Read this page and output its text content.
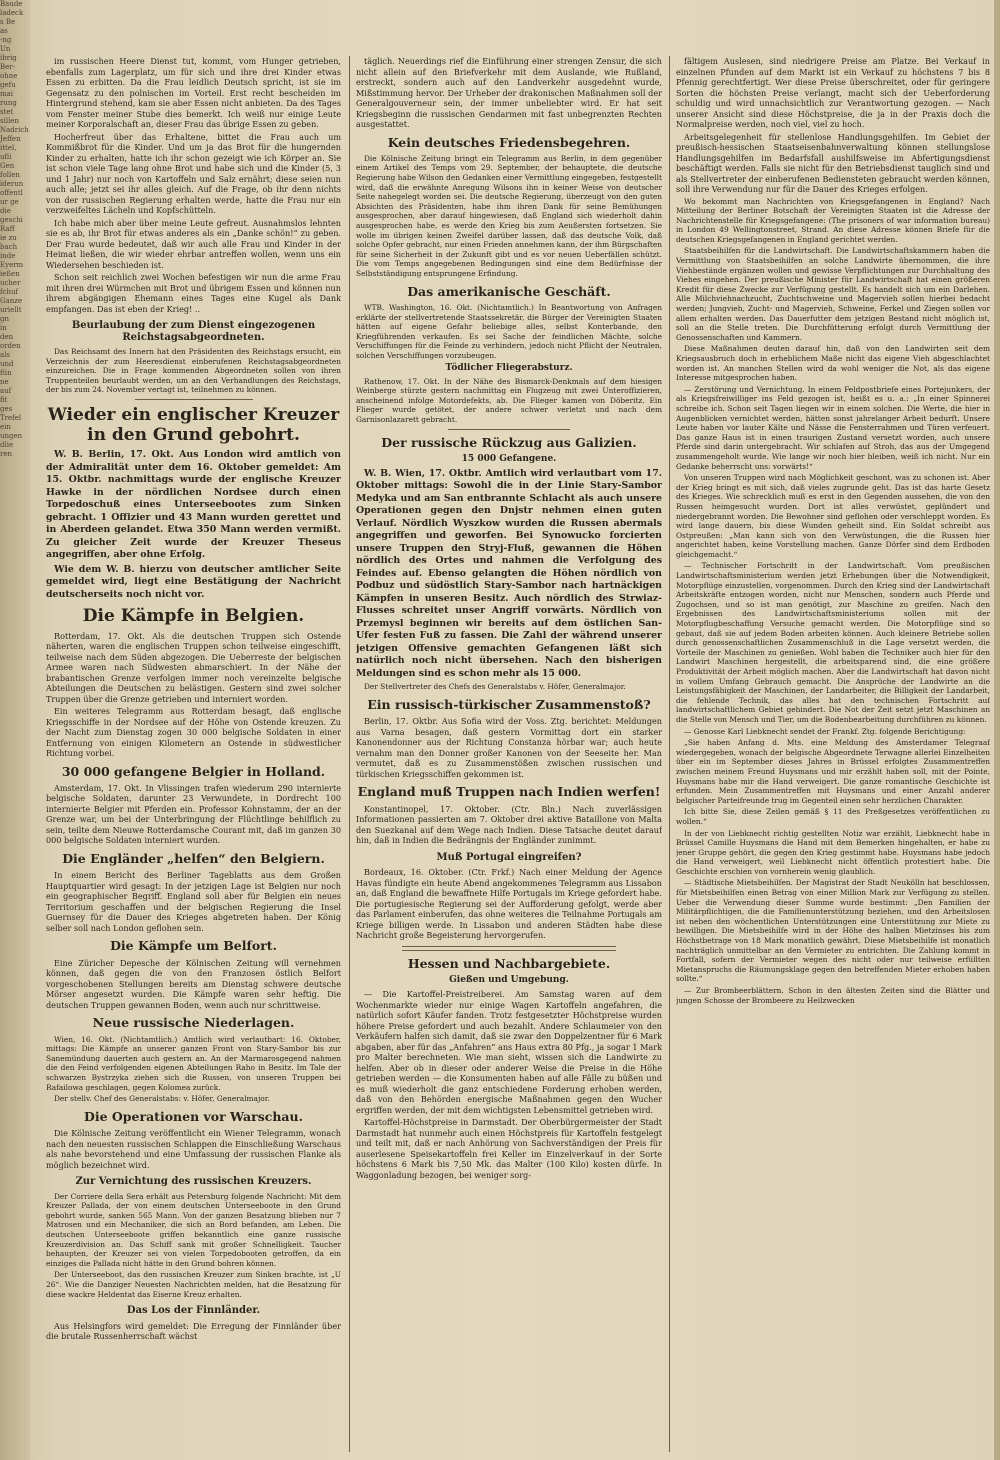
Baude
ladeck
s Be
as
-ng
Un
ibrig
Ber-
ohne
gefu
mai
rung
stet
sillen
Nadrich
Jeffen
ittel,
ufli
Gen
follen
iderun
offentl
ur ge
die
geschi
Raff
ie zu
bach
inde
Eyerm
ießen
ucher
fchuf
Ganze
uriellt
gn
in
den
orden
als
und
fün
ne
auf
fit
ges
Trefel
ein
ungen
dlie
ren

im russischen Heere Dienst tut, kommt, vom Hunger getrieben, ebenfalls zum Lagerplatz, um für sich und ihre drei Kinder etwas Essen zu erbitten. Da die Frau leidlich Deutsch spricht, ist sie im Gegensatz zu den polnischen im Vorteil. Erst recht bescheiden im Hintergrund stehend, kam sie aber Essen nicht anbieten. Da des Tages vom Fenster meiner Stube dies bemerkt. Ich weiß nur einige Leute meiner Korporalschaft an, dieser Frau das übrige Essen zu geben.

Hocherfreut über das Erhaltene, bittet die Frau auch um Kommißbrot für die Kinder. Und um ja das Brot für die hungernden Kinder zu erhalten, hatte ich ihr schon gezeigt wie ich Körper an. Sie ist schon viele Tage lang ohne Brot und habe sich und die Kinder (5, 3 und 1 Jahr) nur noch von Kartoffeln und Salz ernährt; diese seien nun auch alle; jetzt sei ihr alles gleich. Auf die Frage, ob ihr denn nichts von der russischen Regierung erhalten werde, hatte die Frau nur ein verzweifeltes Lächeln und Kopfschütteln.

Ich habe mich aber über meine Leute gefreut. Ausnahmslos lehnten sie es ab, ihr Brot für etwas anderes als ein „Danke schön!“ zu geben. Der Frau wurde bedeutet, daß wir auch alle Frau und Kinder in der Heimat ließen, die wir wieder ehrbar antreffen wollen, wenn uns ein Wiedersehen beschieden ist.

Schon seit reichlich zwei Wochen befestigen wir nun die arme Frau mit ihren drei Würmchen mit Brot und übrigem Essen und können nun ihrem abgängigen Ehemann eines Tages eine Kugel als Dank empfangen. Das ist eben der Krieg! ..

Beurlaubung der zum Dienst eingezogenen Reichstagsabgeordneten.

Das Reichsamt des Innern hat den Präsidenten des Reichstags ersucht, ein Verzeichnis der zum Heeresdienst einberufenen Reichstagsabgeordneten einzureichen. Die in Frage kommenden Abgeordneten sollen von ihren Truppenteilen beurlaubt werden, um an den Verhandlungen des Reichstags, der bis zum 24. November vertagt ist, teilnehmen zu können.

Wieder ein englischer Kreuzer in den Grund gebohrt.

W. B. Berlin, 17. Okt. Aus London wird amtlich von der Admiralität unter dem 16. Oktober gemeldet: Am 15. Oktbr. nachmittags wurde der englische Kreuzer Hawke in der nördlichen Nordsee durch einen Torpedoschuß eines Unterseebootes zum Sinken gebracht. 1 Offizier und 43 Mann wurden gerettet und in Aberdeen gelandet. Etwa 350 Mann werden vermißt. Zu gleicher Zeit wurde der Kreuzer Theseus angegriffen, aber ohne Erfolg.

Wie dem W. B. hierzu von deutscher amtlicher Seite gemeldet wird, liegt eine Bestätigung der Nachricht deutscherseits noch nicht vor.

Die Kämpfe in Belgien.

Rotterdam, 17. Okt. Als die deutschen Truppen sich Ostende näherten, waren die englischen Truppen schon teilweise eingeschifft, teilweise nach dem Süden abgezogen. Die Ueberreste der belgischen Armee waren nach Südwesten abmarschiert. In der Nähe der brabantischen Grenze verfolgen immer noch vereinzelte belgische Abteilungen die Deutschen zu belästigen. Gestern sind zwei solcher Truppen über die Grenze getrieben und interniert worden.

Ein weiteres Telegramm aus Rotterdam besagt, daß englische Kriegsschiffe in der Nordsee auf der Höhe von Ostende kreuzen. Zu der Nacht zum Dienstag zogen 30 000 belgische Soldaten in einer Entfernung von einigen Kilometern an Ostende in südwestlicher Richtung vorbei.

30 000 gefangene Belgier in Holland.

Amsterdam, 17. Okt. In Vlissingen trafen wiederum 290 internierte belgische Soldaten, darunter 23 Verwundete, in Dordrecht 100 internierte Belgier mit Pferden ein. Professor Kohnstamm, der an der Grenze war, um bei der Unterbringung der Flüchtlinge behilflich zu sein, teilte dem Nieuwe Rotterdamsche Courant mit, daß im ganzen 30 000 belgische Soldaten interniert wurden.

Die Engländer „helfen“ den Belgiern.

In einem Bericht des Berliner Tageblatts aus dem Großen Hauptquartier wird gesagt: In der jetzigen Lage ist Belgien nur noch ein geographischer Begriff. England soll aber für Belgien ein neues Territorium geschaffen und der belgischen Regierung die Insel Guernsey für die Dauer des Krieges abgetreten haben. Der König selber soll nach London geflohen sein.

Die Kämpfe um Belfort.

Eine Züricher Depesche der Kölnischen Zeitung will vernehmen können, daß gegen die von den Franzosen östlich Belfort vorgeschobenen Stellungen bereits am Dienstag schwere deutsche Mörser angesetzt wurden. Die Kämpfe waren sehr heftig. Die deutschen Truppen gewannen Boden, wenn auch nur schrittweise.

Neue russische Niederlagen.

Wien, 16. Okt. (Nichtamtlich.) Amtlich wird verlautbart: 16. Oktober, mittags: Die Kämpfe an unserer ganzen Front von Stary-Sambor bis zur Sanemündung dauerten auch gestern an. An der Marmarosgegend nahmen die den Feind verfolgenden eigenen Abteilungen Raho in Besitz. Im Tale der schwarzen Bystrzyka ziehen sich die Russen, von unseren Truppen bei Rafailowa geschlagen, gegen Kolomea zurück.

Der stellv. Chef des Generalstabs: v. Höfer, Generalmajor.

Die Operationen vor Warschau.

Die Kölnische Zeitung veröffentlicht ein Wiener Telegramm, wonach nach den neuesten russischen Schlappen die Einschließung Warschaus als nahe bevorstehend und eine Umfassung der russischen Flanke als möglich bezeichnet wird.

Zur Vernichtung des russischen Kreuzers.

Der Corriere della Sera erhält aus Petersburg folgende Nachricht: Mit dem Kreuzer Pallada, der von einem deutschen Unterseeboote in den Grund gebohrt wurde, sanken 565 Mann. Von der ganzen Besatzung blieben nur 7 Matrosen und ein Mechaniker, die sich an Bord befanden, am Leben. Die deutschen Unterseeboote griffen bekanntlich eine ganze russische Kreuzerdivision an. Das Schiff sank mit großer Schnelligkeit. Taucher behaupten, der Kreuzer sei von vielen Torpedobooten getroffen, da ein einziges die Pallada nicht hätte in den Grund bohren können.

Der Unterseeboot, das den russischen Kreuzer zum Sinken brachte, ist „U 26“. Wie die Danziger Neuesten Nachrichten melden, hat die Besatzung für diese wackre Heldentat das Eiserne Kreuz erhalten.

Das Los der Finnländer.

Aus Helsingfors wird gemeldet: Die Erregung der Finnländer über die brutale Russenherrschaft wächst

täglich. Neuerdings rief die Einführung einer strengen Zensur, die sich nicht allein auf den Briefverkehr mit dem Auslande, wie Rußland, erstreckt, sondern auch auf den Landverkehr ausgedehnt wurde, Mißstimmung hervor. Der Urheber der drakonischen Maßnahmen soll der Generalgouverneur sein, der immer unbeliebter wird. Er hat seit Kriegsbeginn die russischen Gendarmen mit fast unbegrenzten Rechten ausgestattet.

Kein deutsches Friedensbegehren.

Die Kölnische Zeitung bringt ein Telegramm aus Berlin, in dem gegenüber einem Artikel des Temps vom 29. September, der behauptete, die deutsche Regierung habe Wilson den Gedanken einer Vermittlung eingegeben, festgestellt wird, daß die erwähnte Anregung Wilsons ihn in keiner Weise von deutscher Seite nahegelegt worden sei. Die deutsche Regierung, überzeugt von den guten Absichten des Präsidenten, habe ihm ihren Dank für seine Bemühungen ausgesprochen, aber darauf hingewiesen, daß England sich wiederholt dahin ausgesprochen habe, es werde den Krieg bis zum Aeußersten fortsetzen. Sie wolle im übrigen keinen Zweifel darüber lassen, daß das deutsche Volk, daß solche Opfer gebracht, nur einen Frieden annehmen kann, der ihm Bürgschaften für seine Sicherheit in der Zukunft gibt und es vor neuen Ueberfällen schützt. Die vom Temps angegebenen Bedingungen sind eine dem Bedürfnisse der Selbstständigung entsprungene Erfindung.

Das amerikanische Geschäft.

WTB. Washington, 16. Okt. (Nichtamtlich.) In Beantwortung von Anfragen erklärte der stellvertretende Staatssekretär, die Bürger der Vereinigten Staaten hätten auf eigene Gefahr beliebige alles, selbst Konterbande, den Kriegführenden verkaufen. Es sei Sache der feindlichen Mächte, solche Verschiffungen für die Feinde zu verhindern, jedoch nicht Pflicht der Neutralen, solchen Verschiffungen vorzubeugen.

Tödlicher Fliegerabsturz.

Rathenow, 17. Okt. In der Nähe des Bismarck-Denkmals auf dem hiesigen Weinberge stürzte gestern nachmittag ein Flugzeug mit zwei Unteroffizieren, anscheinend infolge Motordefekts, ab. Die Flieger kamen von Döberitz. Ein Flieger wurde getötet, der andere schwer verletzt und nach dem Garnisonlazarett gebracht.

Der russische Rückzug aus Galizien.
15 000 Gefangene.

W. B. Wien, 17. Oktbr. Amtlich wird verlautbart vom 17. Oktober mittags: Sowohl die in der Linie Stary-Sambor Medyka und am San entbrannte Schlacht als auch unsere Operationen gegen den Dnjstr nehmen einen guten Verlauf. Nördlich Wyszkow wurden die Russen abermals angegriffen und geworfen. Bei Synowucko forcierten unsere Truppen den Stryj-Fluß, gewannen die Höhen nördlich des Ortes und nahmen die Verfolgung des Feindes auf. Ebenso gelangten die Höhen nördlich von Podbuz und südöstlich Stary-Sambor nach hartnäckigen Kämpfen in unseren Besitz. Auch nördlich des Strwiaz-Flusses schreitet unser Angriff vorwärts. Nördlich von Przemysl beginnen wir bereits auf dem östlichen San-Ufer festen Fuß zu fassen. Die Zahl der während unserer jetzigen Offensive gemachten Gefangenen läßt sich natürlich noch nicht übersehen. Nach den bisherigen Meldungen sind es schon mehr als 15 000.

Der Stellvertreter des Chefs des Generalstabs v. Höfer, Generalmajor.

Ein russisch-türkischer Zusammenstoß?

Berlin, 17. Oktbr. Aus Sofia wird der Voss. Ztg. berichtet: Meldungen aus Varna besagen, daß gestern Vormittag dort ein starker Kanonendonner aus der Richtung Constanza hörbar war; auch heute vernahm man den Donner großer Kanonen von der Seeseite her. Man vermutet, daß es zu Zusammenstößen zwischen russischen und türkischen Kriegsschiffen gekommen ist.

England muß Truppen nach Indien werfen!

Konstantinopel, 17. Oktober. (Ctr. Bln.) Nach zuverlässigen Informationen passierten am 7. Oktober drei aktive Bataillone von Malta den Suezkanal auf dem Wege nach Indien. Diese Tatsache deutet darauf hin, daß in Indien die Bedrängnis der Engländer zunimmt.

Muß Portugal eingreifen?

Bordeaux, 16. Oktober. (Ctr. Frkf.) Nach einer Meldung der Agence Havas fündigte ein heute Abend angekommenes Telegramm aus Lissabon an, daß England die bewaffnete Hilfe Portugals im Kriege gefordert habe. Die portugiesische Regierung sei der Aufforderung gefolgt, werde aber das Parlament einberufen, das ohne weiteres die Teilnahme Portugals am Kriege billigen werde. In Lissabon und anderen Städten habe diese Nachricht große Begeisterung hervorgerufen.

Hessen und Nachbargebiete.
Gießen und Umgebung.

— Die Kartoffel-Preistreiberei. Am Samstag waren auf dem Wochenmarkte wieder nur einige Wagen Kartoffeln angefahren, die natürlich sofort Käufer fanden. Trotz festgesetzter Höchstpreise wurden höhere Preise gefordert und auch bezahlt. Andere Schlaumeier von den Verkäufern halfen sich damit, daß sie zwar den Doppelzentner für 6 Mark abgaben, aber für das „Anfahren“ ans Haus extra 80 Pfg., ja sogar 1 Mark pro Malter berechneten. Wie man sieht, wissen sich die Landwirte zu helfen. Aber ob in dieser oder anderer Weise die Preise in die Höhe getrieben werden — die Konsumenten haben auf alle Fälle zu büßen und es muß wiederholt die ganz entschiedene Forderung erhoben werden, daß von den Behörden energische Maßnahmen gegen den Wucher ergriffen werden, der mit dem wichtigsten Lebensmittel getrieben wird.

Kartoffel-Höchstpreise in Darmstadt. Der Oberbürgermeister der Stadt Darmstadt hat nunmehr auch einen Höchstpreis für Kartoffeln festgelegt und teilt mit, daß er nach Anhörung von Sachverständigen der Preis für auserlesene Speisekartoffeln frei Keller im Einzelverkauf in der Sorte höchstens 6 Mark bis 7,50 Mk. das Malter (100 Kilo) kosten dürfe. In Waggonladung bezogen, bei weniger sorg-

fältigem Auslesen, sind niedrigere Preise am Platze. Bei Verkauf in einzelnen Pfunden auf dem Markt ist ein Verkauf zu höchstens 7 bis 8 Pfennig gerechtfertigt. Wer diese Preise überschreitet, oder für geringere Sorten die höchsten Preise verlangt, macht sich der Ueberforderung schuldig und wird unnachsichtlich zur Verantwortung gezogen. — Nach unserer Ansicht sind diese Höchstpreise, die ja in der Praxis doch die Normalpreise werden, noch viel, viel zu hoch.

Arbeitsgelegenheit für stellenlose Handlungsgehilfen. Im Gebiet der preußisch-hessischen Staatseisenbahnverwaltung können stellungslose Handlungsgehilfen im Bedarfsfall aushilfsweise im Abfertigungsdienst beschäftigt werden. Falls sie nicht für den Betriebsdienst tauglich sind und als Stellvertreter der einberufenen Bediensteten gebraucht werden können, soll ihre Verwendung nur für die Dauer des Krieges erfolgen.

Wo bekommt man Nachrichten von Kriegsgefangenen in England? Nach Mitteilung der Berliner Botschaft der Vereinigten Staaten ist die Adresse der Nachrichtenstelle für Kriegsgefangene: (The prisoners of war information bureau) in London 49 Wellingtonstreet, Strand. An diese Adresse können Briefe für die deutschen Kriegsgefangenen in England gerichtet werden.

Staatsbeihilfen für die Landwirtschaft. Die Landwirtschaftskammern haben die Vermittlung von Staatsbeihilfen an solche Landwirte übernommen, die ihre Viehbestände ergänzen wollen und gewisse Verpflichtungen zur Durchhaltung des Viehes eingehen. Der preußische Minister für Landwirtschaft hat einen größeren Kredit für diese Zwecke zur Verfügung gestellt. Es handelt sich um ein Darlehen. Alle Milchviehnachzucht, Zuchtschweine und Magervieh sollen hierbei bedacht werden; Jungvieh, Zucht- und Magervieh, Schweine, Ferkel und Ziegen sollen vor allem erhalten werden. Das Dauerfutter dem jetzigen Bestand nicht möglich ist, soll an die Stelle treten. Die Durchfütterung erfolgt durch Vermittlung der Genossenschaften und Kammern.

Diese Maßnahmen deuten darauf hin, daß von den Landwirten seit dem Kriegsausbruch doch in erheblichem Maße nicht das eigene Vieh abgeschlachtet worden ist. An manchen Stellen wird da wohl weniger die Not, als das eigene Interesse mitgesprochen haben.

— Zerstörung und Vernichtung. In einem Feldpostbriefe eines Portejunkers, der als Kriegsfreiwilliger ins Feld gezogen ist, heißt es u. a.: „In einer Spinnerei schreibe ich. Schon seit Tagen liegen wir in einem solchen. Die Werte, die hier in Augenblicken vernichtet werden, hätten sonst jahrelanger Arbeit bedurft. Unsere Leute haben vor lauter Kälte und Nässe die Fensterrahmen und Türen verfeuert. Das ganze Haus ist in einen traurigen Zustand versetzt worden, auch unsere Pferde sind darin untergebracht. Wir schlafen auf Stroh, das aus der Umgegend zusammengeholt wurde. Wie lange wir noch hier bleiben, weiß ich nicht. Nur ein Gedanke beherrscht uns: vorwärts!“

Von unseren Truppen wird nach Möglichkeit geschont, was zu schonen ist. Aber der Krieg bringt es mit sich, daß vieles zugrunde geht. Das ist das harte Gesetz des Krieges. Wie schrecklich muß es erst in den Gegenden aussehen, die von den Russen heimgesucht wurden. Dort ist alles verwüstet, geplündert und niedergebrannt worden. Die Bewohner sind geflohen oder verschleppt worden. Es wird lange dauern, bis diese Wunden geheilt sind. Ein Soldat schreibt aus Ostpreußen: „Man kann sich von den Verwüstungen, die die Russen hier angerichtet haben, keine Vorstellung machen. Ganze Dörfer sind dem Erdboden gleichgemacht.“

— Technischer Fortschritt in der Landwirtschaft. Vom preußischen Landwirtschaftsministerium werden jetzt Erhebungen über die Notwendigkeit, Motorpflüge einzustellen, vorgenommen. Durch den Krieg sind der Landwirtschaft Arbeitskräfte entzogen worden, nicht nur Menschen, sondern auch Pferde und Zugochsen, und so ist man genötigt, zur Maschine zu greifen. Nach den Ergebnissen des Landwirtschaftsministeriums sollen mit der Motorpflugbeschaffung Versuche gemacht werden. Die Motorpflüge sind so gebaut, daß sie auf jedem Boden arbeiten können. Auch kleinere Betriebe sollen durch genossenschaftlichen Zusammenschluß in die Lage versetzt werden, die Vorteile der Maschinen zu genießen. Wohl haben die Techniker auch hier für den Landwirt Maschinen hergestellt, die arbeitsparend sind, die eine größere Produktivität der Arbeit möglich machen. Aber die Landwirtschaft hat davon nicht in vollem Umfang Gebrauch gemacht. Die Ansprüche der Landwirte an die Leistungsfähigkeit der Maschinen, der Landarbeiter, die Billigkeit der Landarbeit, die fehlende Technik, das alles hat den technischen Fortschritt auf landwirtschaftlichem Gebiet gehindert. Die Not der Zeit setzt jetzt Maschinen an die Stelle von Mensch und Tier, um die Bodenbearbeitung durchführen zu können.

— Genosse Karl Liebknecht sendet der Frankf. Ztg. folgende Berichtigung:

„Sie haben Anfang d. Mts. eine Meldung des Amsterdamer Telegraaf wiedergegeben, wonach der belgische Abgeordnete Terwagne allerlei Einzelheiten über ein im September dieses Jahres in Brüssel erfolgtes Zusammentreffen zwischen meinem Freund Huysmans und mir erzählt haben soll, mit der Pointe, Huysmans habe mir die Hand verweigert. Die ganze romantische Geschichte ist erfunden. Mein Zusammentreffen mit Huysmans und einer Anzahl anderer belgischer Parteifreunde trug im Gegenteil einen sehr herzlichen Charakter.

Ich bitte Sie, diese Zeilen gemäß § 11 des Preßgesetzes veröffentlichen zu wollen.“

In der von Liebknecht richtig gestellten Notiz war erzählt, Liebknecht habe in Brüssel Camille Huysmans die Hand mit dem Bemerken hingehalten, er habe zu jener Gruppe gehört, die gegen den Krieg gestimmt habe. Huysmans habe jedoch die Hand verweigert, weil Liebknecht nicht öffentlich protestiert habe. Die Geschichte erschien von vornherein wenig glaublich.

— Städtische Mietsbeihilfen. Der Magistrat der Stadt Neukölln hat beschlossen, für Mietsbeihilfen einen Betrag von einer Million Mark zur Verfügung zu stellen. Ueber die Verwendung dieser Summe wurde bestimmt: „Den Familien der Militärpflichtigen, die die Familienunterstützung beziehen, und den Arbeitslosen ist neben den wöchentlichen Unterstützungen eine Unterstützung zur Miete zu bewilligen. Die Mietsbeihilfe wird in der Höhe des halben Mietzinses bis zum Höchstbetrage von 18 Mark monatlich gewährt. Diese Mietsbeihilfe ist monatlich nachträglich unmittelbar an den Vermieter zu entrichten. Die Zahlung kommt in Fortfall, sofern der Vermieter wegen des nicht oder nur teilweise erfüllten Mietanspruchs die Räumungsklage gegen den betreffenden Mieter erhoben haben sollte.“

— Zur Brombeerblättern. Schon in den ältesten Zeiten sind die Blätter und jungen Schosse der Brombeere zu Heilzwecken
